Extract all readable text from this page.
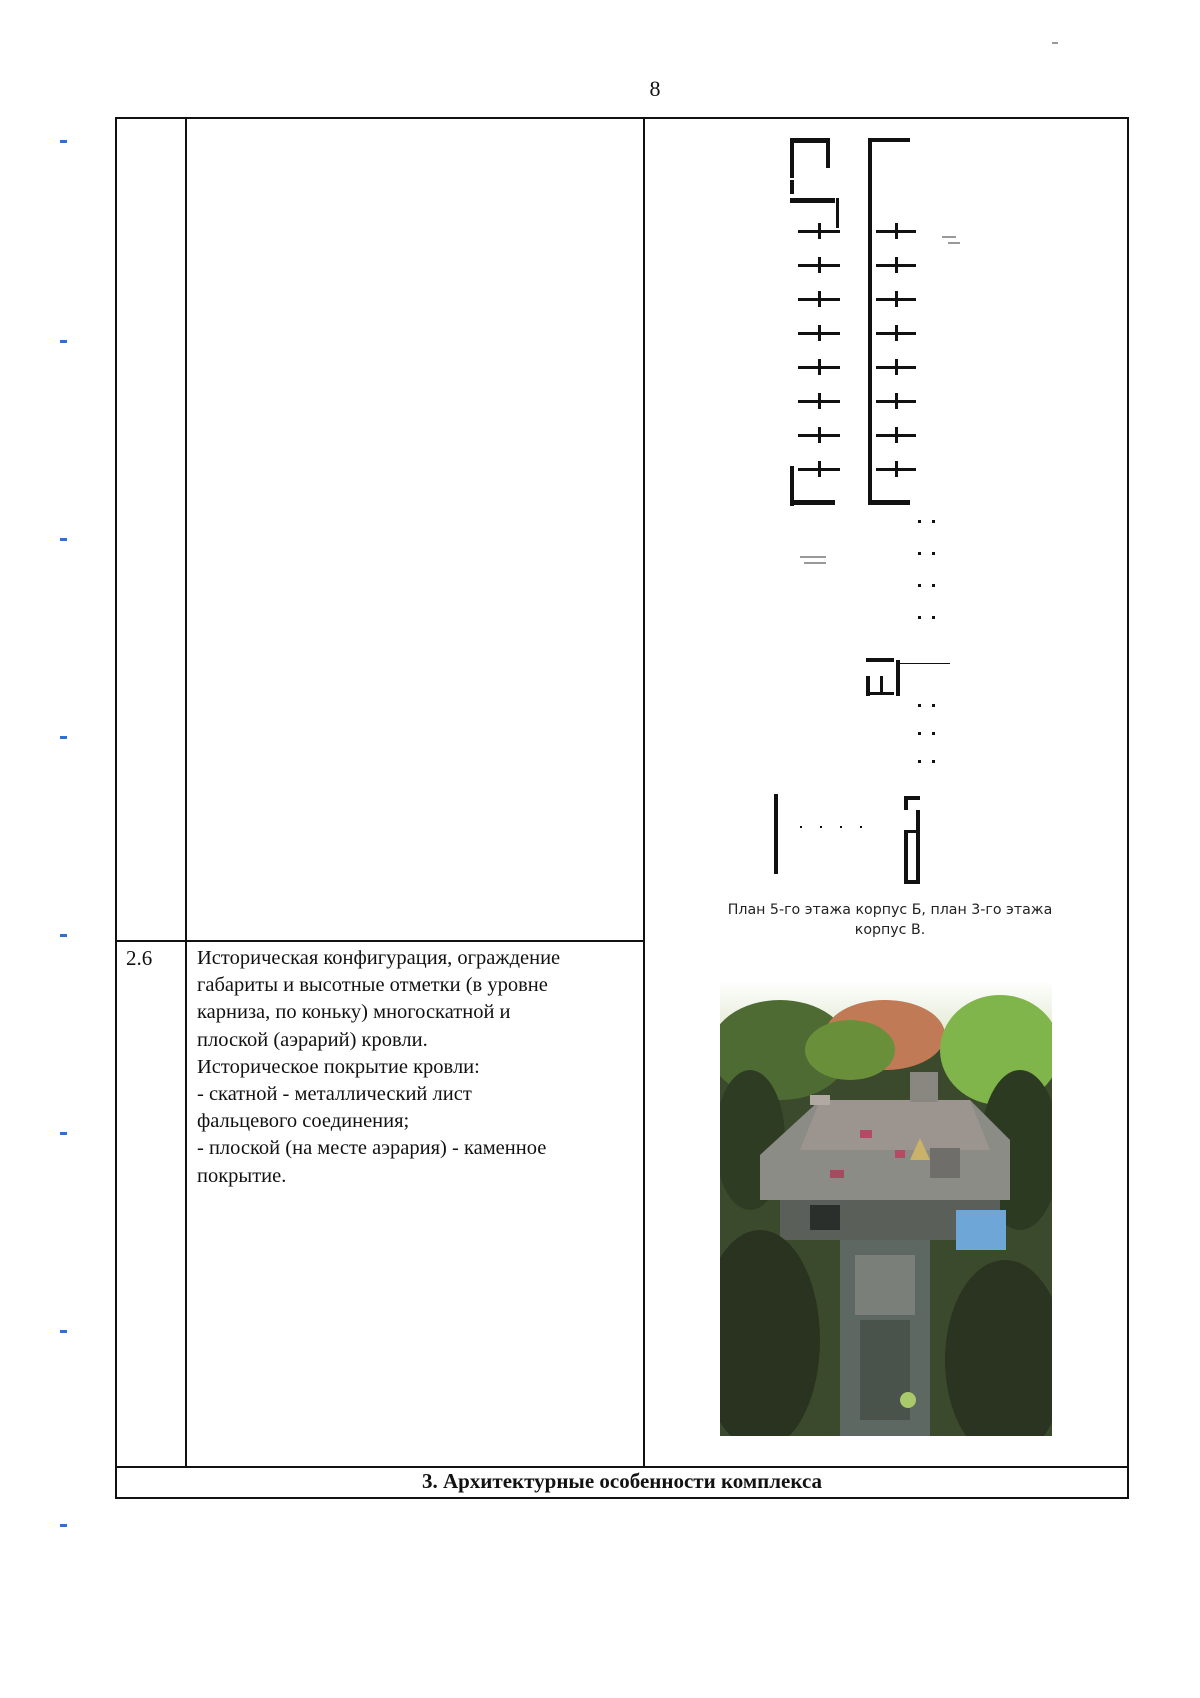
8
2.6 Историческая конфигурация, ограждение

габариты и высотные отметки (в уровне

карниза, по коньку) многоскатной и

плоской (аэрарий) кровли.

Историческое покрытие кровли:

- скатной - металлический лист

фальцевого соединения;

- плоской (на месте аэрария) - каменное

покрытие.

План 5-го этажа корпус Б, план 3-го этажа
корпус В.
3. Архитектурные особенности комплекса
